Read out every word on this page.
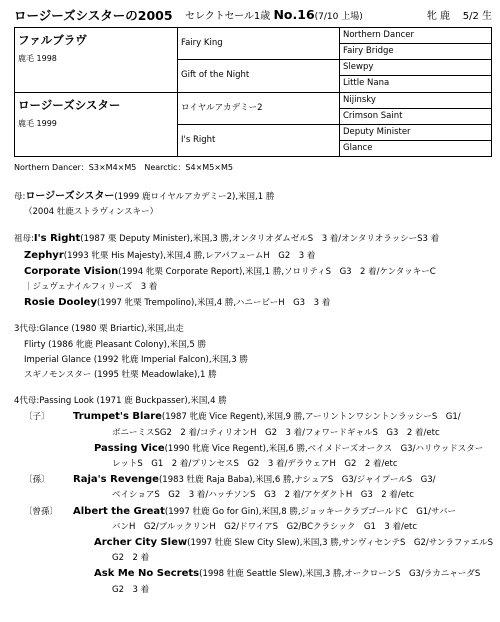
ロージーズシスターの2005 セレクトセール1歳 No.16(7/10 上場)	牝 鹿 5/2 生
ファルブラヴ
鹿毛 1998	Fairy King	Northern Dancer
		Fairy Bridge
	Gift of the Night	Slewpy
		Little Nana

ロージーズシスター
鹿毛 1999	ロイヤルアカデミー2	Nijinsky
		Crimson Saint
	I's Right	Deputy Minister
		Glance
Northern Dancer：S3×M4×M5　Nearctic：S4×M5×M5
母:ロージーズシスター(1999 鹿ロイヤルアカデミー2),米国,1 勝
（2004 牡鹿ストラヴィンスキー）
祖母:I's Right(1987 栗 Deputy Minister),米国,3 勝,オンタリオダムゼルS　3 着/オンタリオラッシーS3 着
Zephyr(1993 牝栗 His Majesty),米国,4 勝,レアパフュームH　G2　3 着
Corporate Vision(1994 牝栗 Corporate Report),米国,1 勝,ソロリティS　G3　2 着/ケンタッキーC
｜ジュヴェナイルフィリーズ　3 着
Rosie Dooley(1997 牝栗 Trempolino),米国,4 勝,ハニービーH　G3　3 着
3代母:Glance (1980 栗 Briartic),米国,出走
Flirty (1986 牝鹿 Pleasant Colony),米国,5 勝
Imperial Glance (1992 牝鹿 Imperial Falcon),米国,3 勝
スギノモンスター (1995 牡栗 Meadowlake),1 勝
4代母:Passing Look (1971 鹿 Buckpasser),米国,4 勝
〔子〕 Trumpet's Blare(1987 牝鹿 Vice Regent),米国,9 勝,アーリントンワシントンラッシーS　G1/
ボニーミスSG2　2 着/コティリオンH　G2　3 着/フォワードギャルS　G3　2 着/etc
Passing Vice(1990 牝鹿 Vice Regent),米国,6 勝,ベイメドーズオークス　G3/ハリウッドスター
レットS　G1　2 着/プリンセスS　G2　3 着/デラウェアH　G2　2 着/etc
〔孫〕 Raja's Revenge(1983 牡鹿 Raja Baba),米国,6 勝,ナシュアS　G3/ジャイプールS　G3/
ベイショアS　G2　3 着/ハッチソンS　G3　2 着/アケダクトH　G3　2 着/etc
〔曾孫〕 Albert the Great(1997 牡鹿 Go for Gin),米国,8 勝,ジョッキークラブゴールドC　G1/サバー
バンH　G2/ブルックリンH　G2/ドワイアS　G2/BCクラシック　G1　3 着/etc
Archer City Slew(1997 牡鹿 Slew City Slew),米国,3 勝,サンヴィセンテS　G2/サンラファエルS
G2　2 着
Ask Me No Secrets(1998 牡鹿 Seattle Slew),米国,3 勝,オークローンS　G3/ラカニャーダS
G2　3 着
